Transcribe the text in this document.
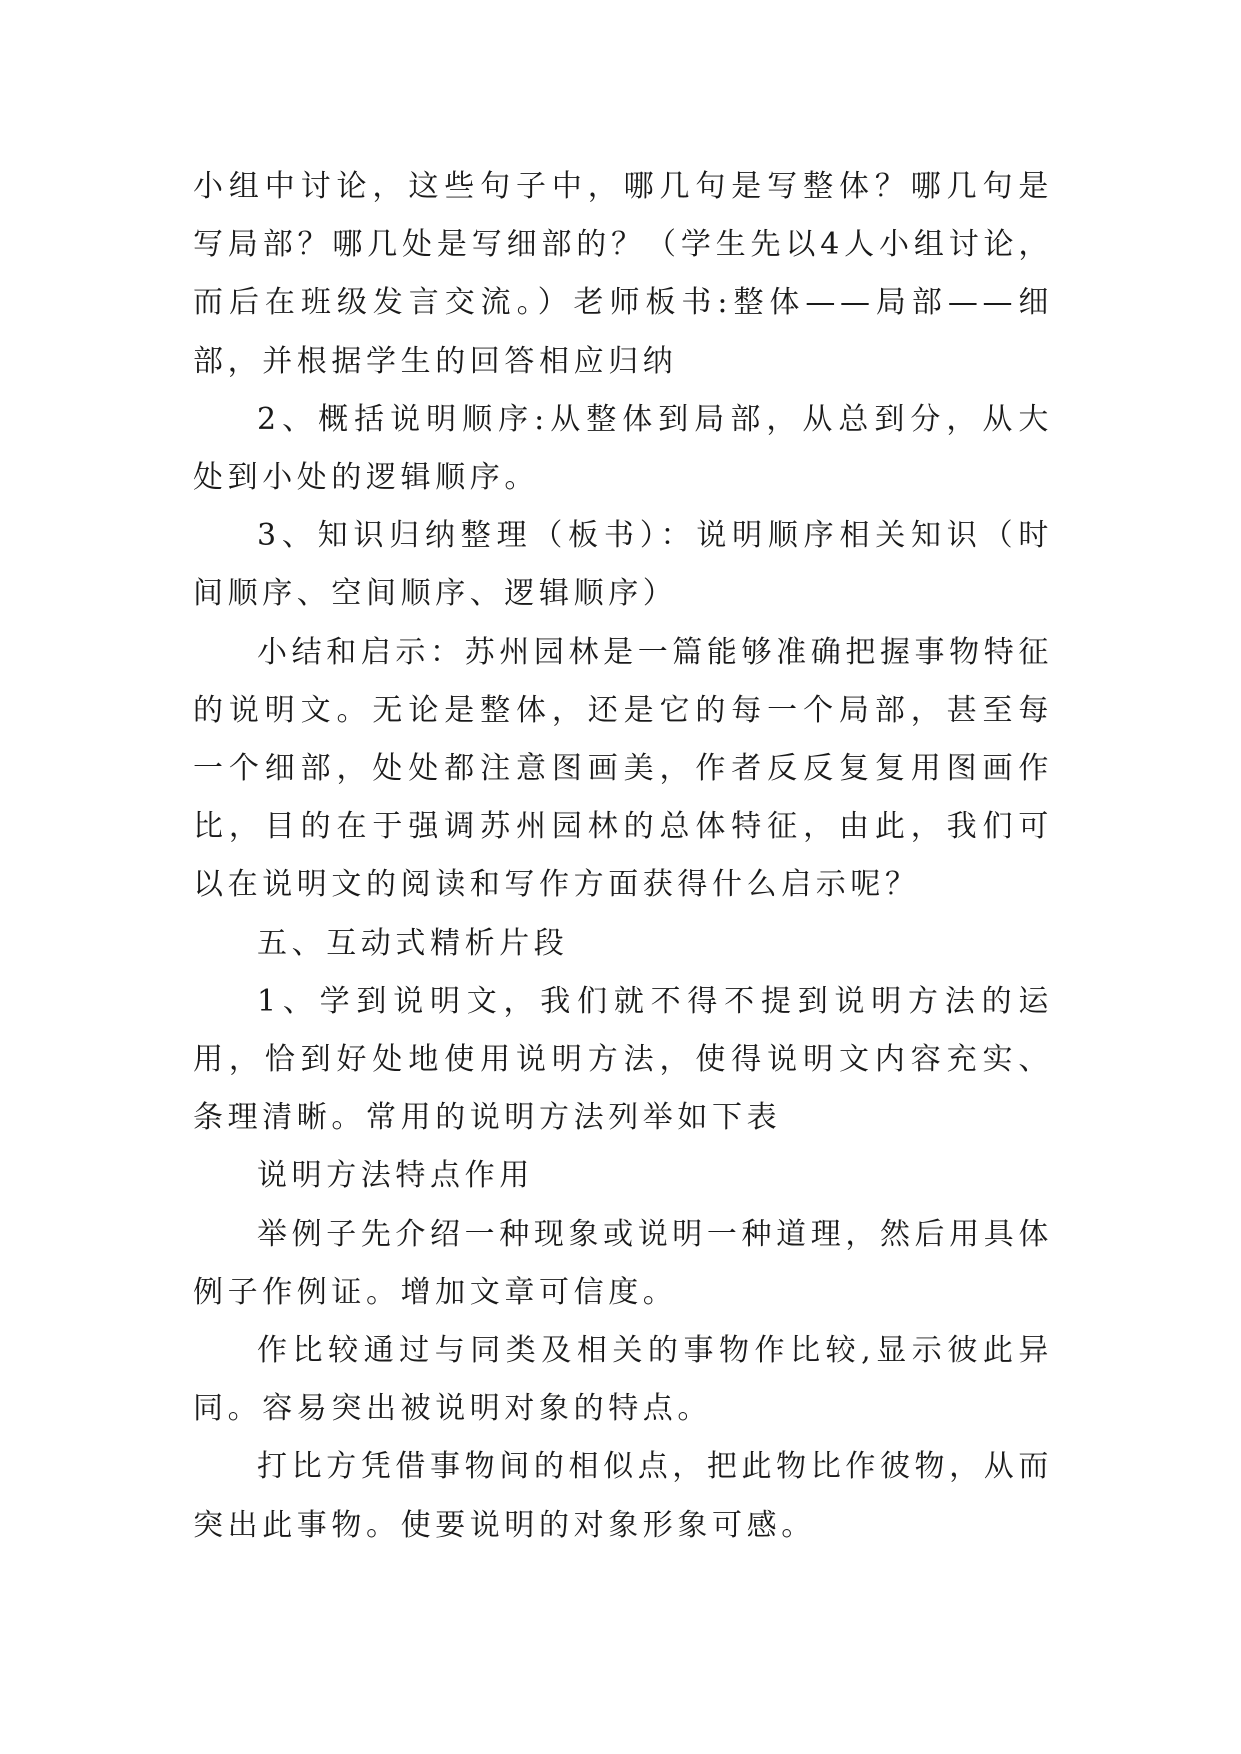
小组中讨论，这些句子中，哪几句是写整体？哪几句是写局部？哪几处是写细部的？（学生先以4人小组讨论，而后在班级发言交流。）老师板书:整体——局部——细部，并根据学生的回答相应归纳

2、概括说明顺序:从整体到局部，从总到分，从大处到小处的逻辑顺序。

3、知识归纳整理（板书）：说明顺序相关知识（时间顺序、空间顺序、逻辑顺序）

小结和启示：苏州园林是一篇能够准确把握事物特征的说明文。无论是整体，还是它的每一个局部，甚至每一个细部，处处都注意图画美，作者反反复复用图画作比，目的在于强调苏州园林的总体特征，由此，我们可以在说明文的阅读和写作方面获得什么启示呢？

五、互动式精析片段

1、学到说明文，我们就不得不提到说明方法的运用，恰到好处地使用说明方法，使得说明文内容充实、条理清晰。常用的说明方法列举如下表

说明方法特点作用

举例子先介绍一种现象或说明一种道理，然后用具体例子作例证。增加文章可信度。

作比较通过与同类及相关的事物作比较,显示彼此异同。容易突出被说明对象的特点。

打比方凭借事物间的相似点，把此物比作彼物，从而突出此事物。使要说明的对象形象可感。
